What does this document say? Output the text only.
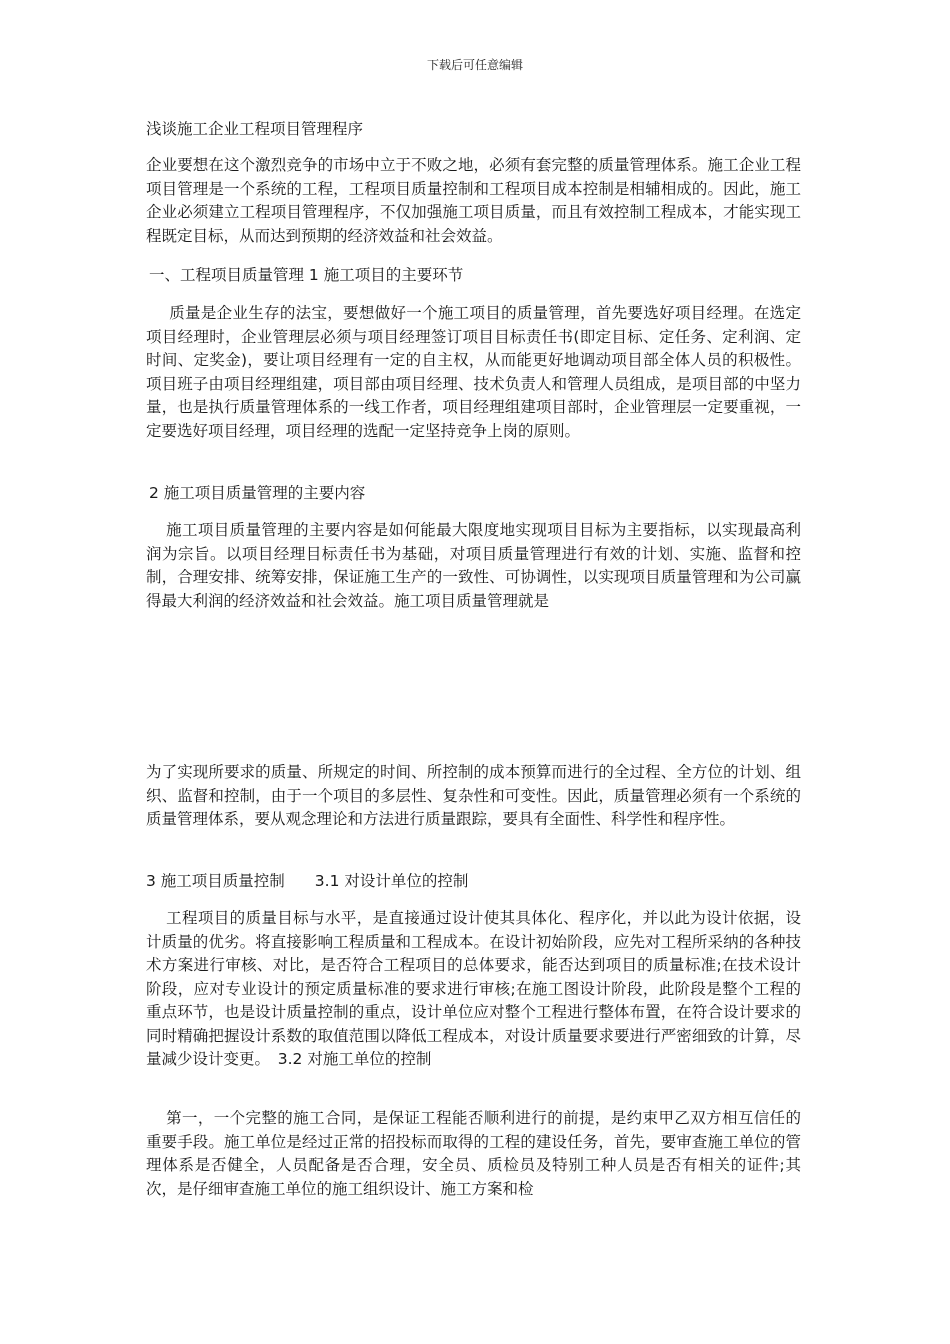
下载后可任意编辑
浅谈施工企业工程项目管理程序
企业要想在这个激烈竞争的市场中立于不败之地，必须有套完整的质量管理体系。施工企业工程项目管理是一个系统的工程，工程项目质量控制和工程项目成本控制是相辅相成的。因此，施工企业必须建立工程项目管理程序，不仅加强施工项目质量，而且有效控制工程成本，才能实现工程既定目标，从而达到预期的经济效益和社会效益。
一、工程项目质量管理 1 施工项目的主要环节
质量是企业生存的法宝，要想做好一个施工项目的质量管理，首先要选好项目经理。在选定项目经理时，企业管理层必须与项目经理签订项目目标责任书(即定目标、定任务、定利润、定时间、定奖金)，要让项目经理有一定的自主权，从而能更好地调动项目部全体人员的积极性。项目班子由项目经理组建，项目部由项目经理、技术负责人和管理人员组成，是项目部的中坚力量，也是执行质量管理体系的一线工作者，项目经理组建项目部时，企业管理层一定要重视，一定要选好项目经理，项目经理的选配一定坚持竞争上岗的原则。
2 施工项目质量管理的主要内容
施工项目质量管理的主要内容是如何能最大限度地实现项目目标为主要指标，以实现最高利润为宗旨。以项目经理目标责任书为基础，对项目质量管理进行有效的计划、实施、监督和控制，合理安排、统筹安排，保证施工生产的一致性、可协调性，以实现项目质量管理和为公司赢得最大利润的经济效益和社会效益。施工项目质量管理就是
为了实现所要求的质量、所规定的时间、所控制的成本预算而进行的全过程、全方位的计划、组织、监督和控制，由于一个项目的多层性、复杂性和可变性。因此，质量管理必须有一个系统的质量管理体系，要从观念理论和方法进行质量跟踪，要具有全面性、科学性和程序性。
3 施工项目质量控制 3.1 对设计单位的控制
工程项目的质量目标与水平，是直接通过设计使其具体化、程序化，并以此为设计依据，设计质量的优劣。将直接影响工程质量和工程成本。在设计初始阶段，应先对工程所采纳的各种技术方案进行审核、对比，是否符合工程项目的总体要求，能否达到项目的质量标准;在技术设计阶段，应对专业设计的预定质量标准的要求进行审核;在施工图设计阶段，此阶段是整个工程的重点环节，也是设计质量控制的重点，设计单位应对整个工程进行整体布置，在符合设计要求的同时精确把握设计系数的取值范围以降低工程成本，对设计质量要求要进行严密细致的计算，尽量减少设计变更。　3.2 对施工单位的控制
第一，一个完整的施工合同，是保证工程能否顺利进行的前提，是约束甲乙双方相互信任的重要手段。施工单位是经过正常的招投标而取得的工程的建设任务，首先，要审查施工单位的管理体系是否健全，人员配备是否合理，安全员、质检员及特别工种人员是否有相关的证件;其次，是仔细审查施工单位的施工组织设计、施工方案和检
